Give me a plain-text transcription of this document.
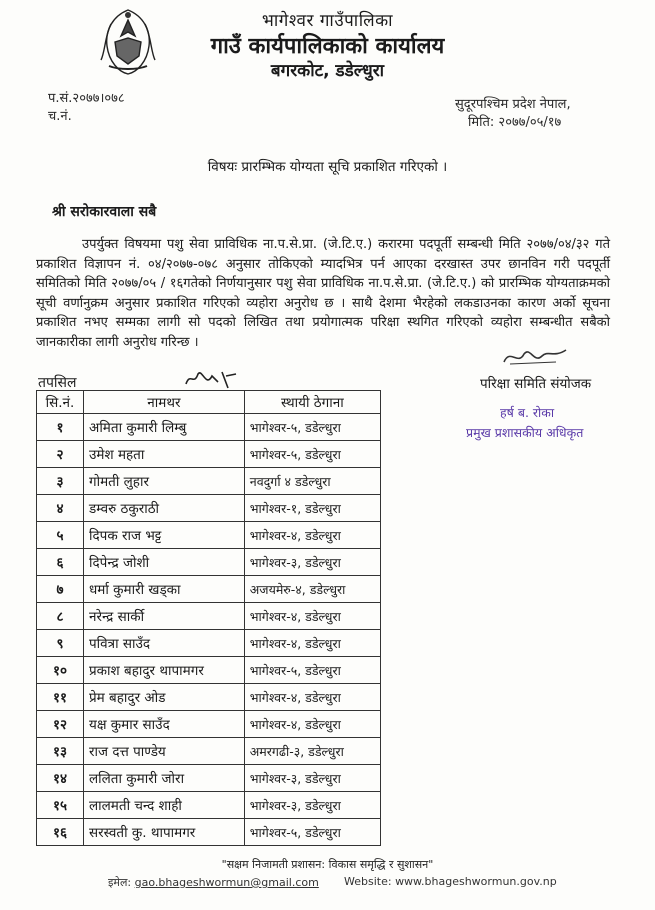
भागेश्वर गाउँपालिका
गाउँ कार्यपालिकाको कार्यालय
बगरकोट, डडेल्धुरा
प.सं.२०७७।०७८
च.नं.
सुदूरपश्चिम प्रदेश नेपाल,
मिति: २०७७/०५/१७
विषयः प्रारम्भिक योग्यता सूचि प्रकाशित गरिएको ।
श्री सरोकारवाला सबै
उपर्युक्त विषयमा पशु सेवा प्राविधिक ना.प.से.प्रा. (जे.टि.ए.) करारमा पदपूर्ती सम्बन्धी मिति २०७७/०४/३२ गते प्रकाशित विज्ञापन नं. ०४/२०७७-०७८ अनुसार तोकिएको म्यादभित्र पर्न आएका दरखास्त उपर छानविन गरी पदपूर्ती समितिको मिति २०७७/०५ / १६गतेको निर्णयानुसार पशु सेवा प्राविधिक ना.प.से.प्रा. (जे.टि.ए.) को प्रारम्भिक योग्यताक्रमको सूची वर्णानुक्रम अनुसार प्रकाशित गरिएको व्यहोरा अनुरोध छ । साथै देशमा भैरहेको लकडाउनका कारण अर्को सूचना प्रकाशित नभए सम्मका लागी सो पदको लिखित तथा प्रयोगात्मक परिक्षा स्थगित गरिएको व्यहोरा सम्बन्धीत सबैको जानकारीका लागी अनुरोध गरिन्छ ।
परिक्षा समिति संयोजक
हर्ष ब. रोका
प्रमुख प्रशासकीय अधिकृत
तपसिल
सि.नं.	नामथर	स्थायी ठेगाना
१	अमिता कुमारी लिम्बु	भागेश्वर-५, डडेल्धुरा
२	उमेश महता	भागेश्वर-५, डडेल्धुरा
३	गोमती लुहार	नवदुर्गा ४ डडेल्धुरा
४	डम्वरु ठकुराठी	भागेश्वर-१, डडेल्धुरा
५	दिपक राज भट्ट	भागेश्वर-४, डडेल्धुरा
६	दिपेन्द्र जोशी	भागेश्वर-३, डडेल्धुरा
७	धर्मा कुमारी खड्का	अजयमेरु-४, डडेल्धुरा
८	नरेन्द्र सार्की	भागेश्वर-४, डडेल्धुरा
९	पवित्रा साउँद	भागेश्वर-४, डडेल्धुरा
१०	प्रकाश बहादुर थापामगर	भागेश्वर-५, डडेल्धुरा
११	प्रेम बहादुर ओड	भागेश्वर-४, डडेल्धुरा
१२	यक्ष कुमार साउँद	भागेश्वर-४, डडेल्धुरा
१३	राज दत्त पाण्डेय	अमरगढी-३, डडेल्धुरा
१४	ललिता कुमारी जोरा	भागेश्वर-३, डडेल्धुरा
१५	लालमती चन्द शाही	भागेश्वर-३, डडेल्धुरा
१६	सरस्वती कु. थापामगर	भागेश्वर-५, डडेल्धुरा
"सक्षम निजामती प्रशासन: विकास समृद्धि र सुशासन"
इमेल: gao.bhageshwormun@gmail.com Website: www.bhageshwormun.gov.np
